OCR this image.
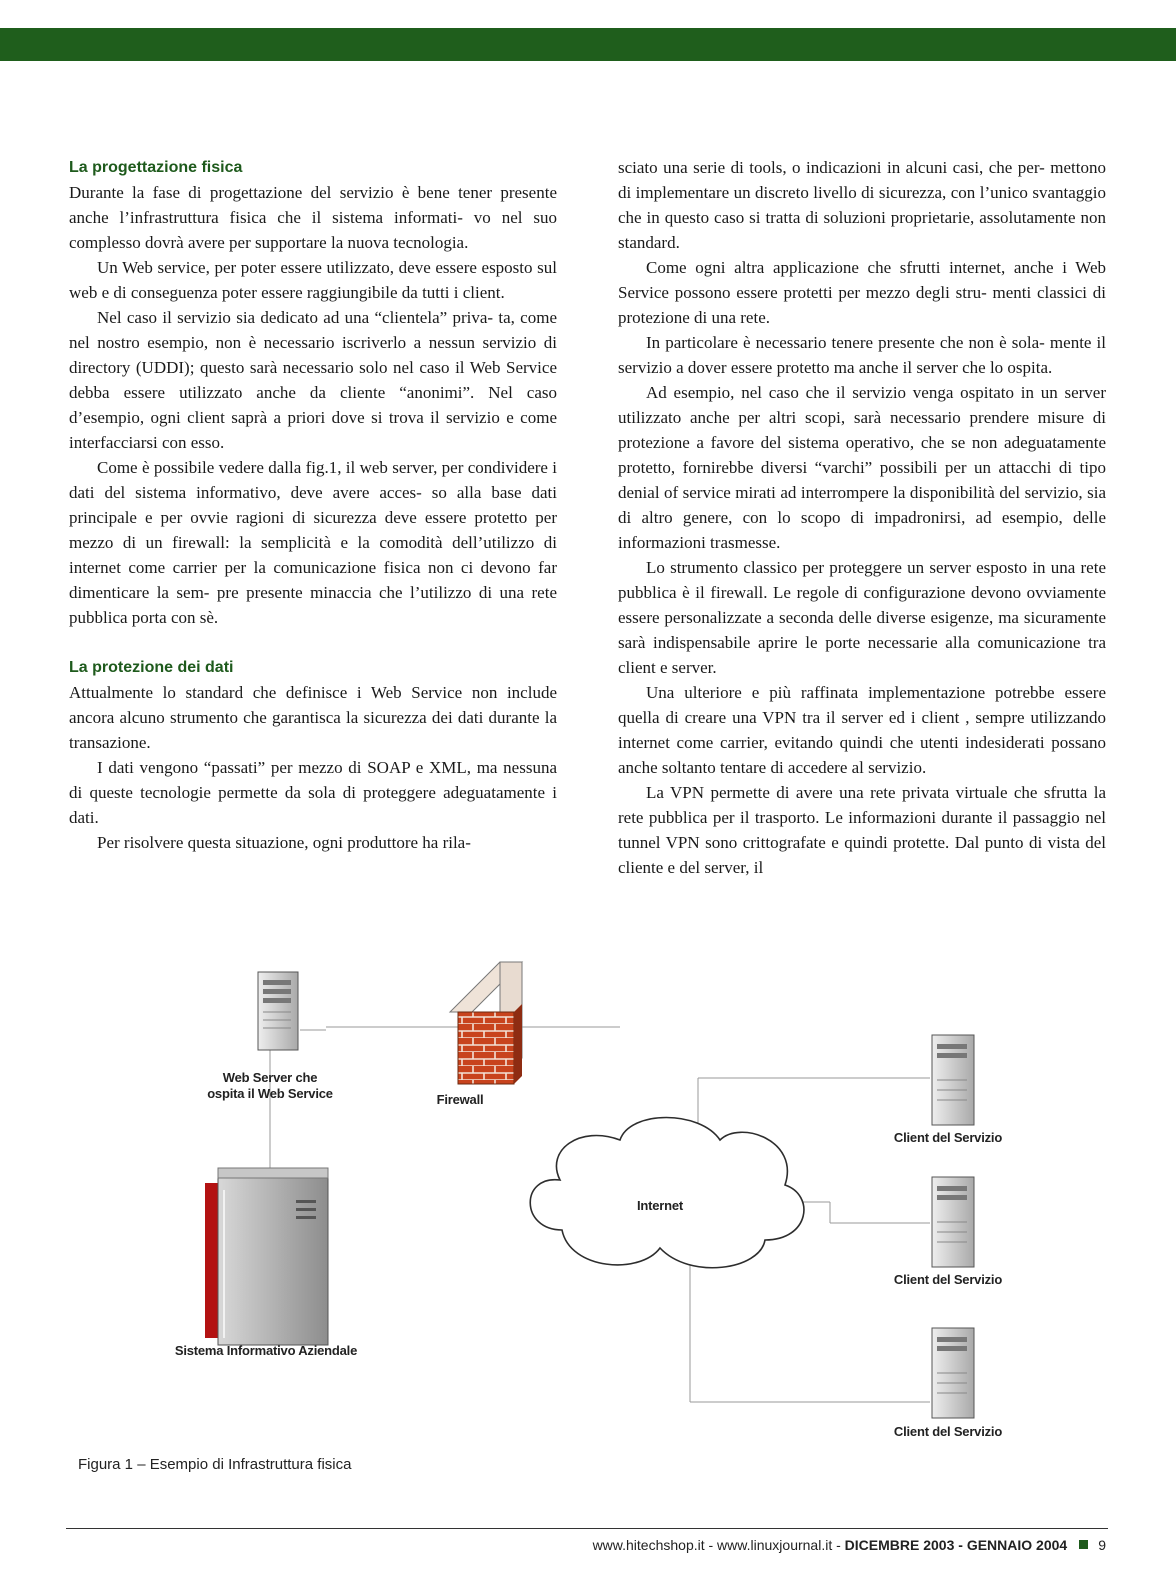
La progettazione fisica

Durante la fase di progettazione del servizio è bene tener presente anche l’infrastruttura fisica che il sistema informati- vo nel suo complesso dovrà avere per supportare la nuova tecnologia.

Un Web service, per poter essere utilizzato, deve essere esposto sul web e di conseguenza poter essere raggiungibile da tutti i client.

Nel caso il servizio sia dedicato ad una “clientela” priva- ta, come nel nostro esempio, non è necessario iscriverlo a nessun servizio di directory (UDDI); questo sarà necessario solo nel caso il Web Service debba essere utilizzato anche da cliente “anonimi”. Nel caso d’esempio, ogni client saprà a priori dove si trova il servizio e come interfacciarsi con esso.

Come è possibile vedere dalla fig.1, il web server, per condividere i dati del sistema informativo, deve avere acces- so alla base dati principale e per ovvie ragioni di sicurezza deve essere protetto per mezzo di un firewall: la semplicità e la comodità dell’utilizzo di internet come carrier per la comunicazione fisica non ci devono far dimenticare la sem- pre presente minaccia che l’utilizzo di una rete pubblica porta con sè.

La protezione dei dati

Attualmente lo standard che definisce i Web Service non include ancora alcuno strumento che garantisca la sicurezza dei dati durante la transazione.

I dati vengono “passati” per mezzo di SOAP e XML, ma nessuna di queste tecnologie permette da sola di proteggere adeguatamente i dati.

Per risolvere questa situazione, ogni produttore ha rila-

sciato una serie di tools, o indicazioni in alcuni casi, che per- mettono di implementare un discreto livello di sicurezza, con l’unico svantaggio che in questo caso si tratta di soluzioni proprietarie, assolutamente non standard.

Come ogni altra applicazione che sfrutti internet, anche i Web Service possono essere protetti per mezzo degli stru- menti classici di protezione di una rete.

In particolare è necessario tenere presente che non è sola- mente il servizio a dover essere protetto ma anche il server che lo ospita.

Ad esempio, nel caso che il servizio venga ospitato in un server utilizzato anche per altri scopi, sarà necessario prendere misure di protezione a favore del sistema operativo, che se non adeguatamente protetto, fornirebbe diversi “varchi” possibili per un attacchi di tipo denial of service mirati ad interrompere la disponibilità del servizio, sia di altro genere, con lo scopo di impadronirsi, ad esempio, delle informazioni trasmesse.

Lo strumento classico per proteggere un server esposto in una rete pubblica è il firewall. Le regole di configurazione devono ovviamente essere personalizzate a seconda delle diverse esigenze, ma sicuramente sarà indispensabile aprire le porte necessarie alla comunicazione tra client e server.

Una ulteriore e più raffinata implementazione potrebbe essere quella di creare una VPN tra il server ed i client , sempre utilizzando internet come carrier, evitando quindi che utenti indesiderati possano anche soltanto tentare di accedere al servizio.

La VPN permette di avere una rete privata virtuale che sfrutta la rete pubblica per il trasporto. Le informazioni durante il passaggio nel tunnel VPN sono crittografate e quindi protette. Dal punto di vista del cliente e del server, il

Web Server che
ospita il Web Service	Firewall
Internet
Sistema Informativo Aziendale
Client del Servizio
Client del Servizio
Client del Servizio
Figura 1 – Esempio di Infrastruttura fisica
www.hitechshop.it - www.linuxjournal.it - DICEMBRE 2003 - GENNAIO 2004 9
